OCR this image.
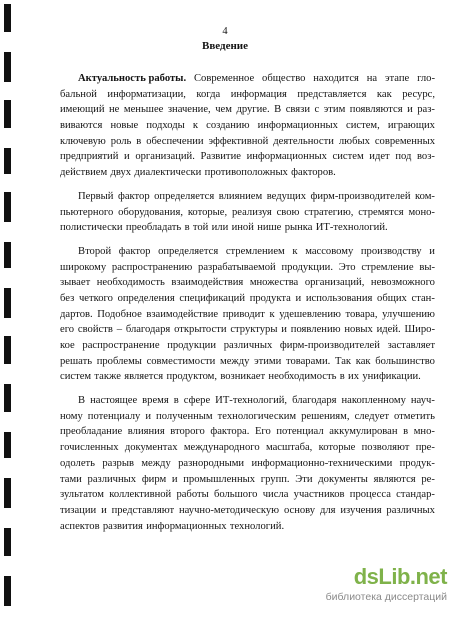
4
Введение
Актуальность работы. Современное общество находится на этапе гло-
бальной информатизации, когда информация представляется как ресурс,
имеющий не меньшее значение, чем другие. В связи с этим появляются и раз-
виваются новые подходы к созданию информационных систем, играющих
ключевую роль в обеспечении эффективной деятельности любых современных
предприятий и организаций. Развитие информационных систем идет под воз-
действием двух диалектически противоположных факторов.
Первый фактор определяется влиянием ведущих фирм-производителей ком-
пьютерного оборудования, которые, реализуя свою стратегию, стремятся моно-
полистически преобладать в той или иной нише рынка ИТ-технологий.
Второй фактор определяется стремлением к массовому производству и
широкому распространению разрабатываемой продукции. Это стремление вы-
зывает необходимость взаимодействия множества организаций, невозможного
без четкого определения спецификаций продукта и использования общих стан-
дартов. Подобное взаимодействие приводит к удешевлению товара, улучшению
его свойств – благодаря открытости структуры и появлению новых идей. Широ-
кое распространение продукции различных фирм-производителей заставляет
решать проблемы совместимости между этими товарами. Так как большинство
систем также является продуктом, возникает необходимость в их унификации.
В настоящее время в сфере ИТ-технологий, благодаря накопленному науч-
ному потенциалу и полученным технологическим решениям, следует отметить
преобладание влияния второго фактора. Его потенциал аккумулирован в мно-
гочисленных документах международного масштаба, которые позволяют пре-
одолеть разрыв между разнородными информационно-техническими продук-
тами различных фирм и промышленных групп. Эти документы являются ре-
зультатом коллективной работы большого числа участников процесса стандар-
тизации и представляют научно-методическую основу для изучения различных
аспектов развития информационных технологий.
dsLib.net
библиотека диссертаций
